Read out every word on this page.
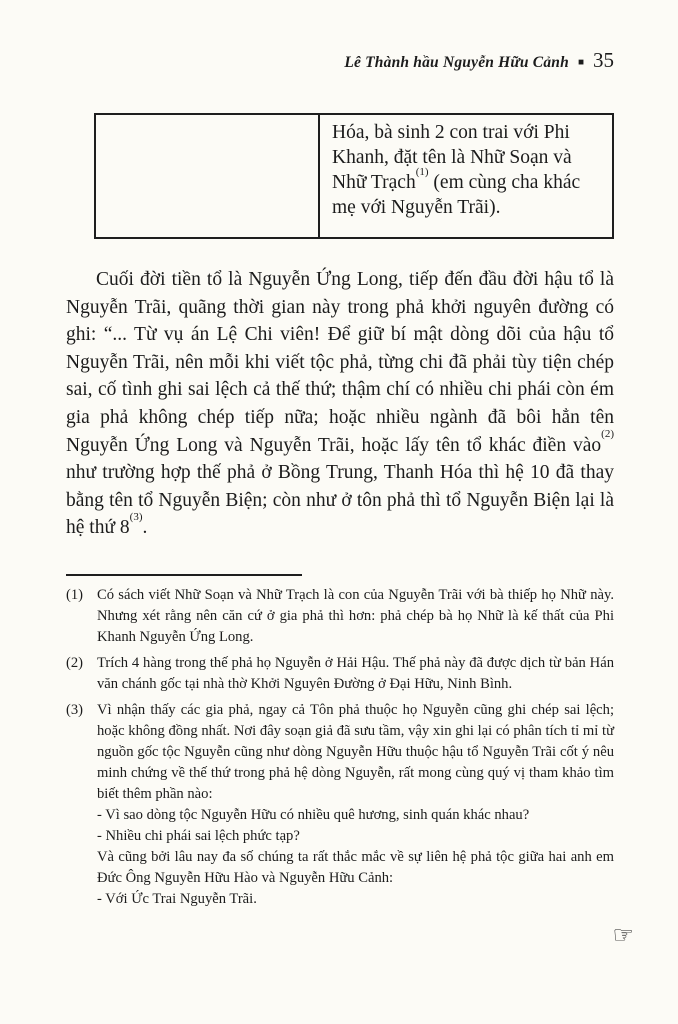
Lê Thành hầu Nguyễn Hữu Cảnh ■ 35
Hóa, bà sinh 2 con trai với Phi Khanh, đặt tên là Nhữ Soạn và Nhữ Trạch$^{(1)}$ (em cùng cha khác mẹ với Nguyễn Trãi).

Cuối đời tiền tổ là Nguyễn Ứng Long, tiếp đến đầu đời hậu tổ là Nguyễn Trãi, quãng thời gian này trong phả khởi nguyên đường có ghi: “... Từ vụ án Lệ Chi viên! Để giữ bí mật dòng dõi của hậu tổ Nguyễn Trãi, nên mỗi khi viết tộc phả, từng chi đã phải tùy tiện chép sai, cố tình ghi sai lệch cả thế thứ; thậm chí có nhiều chi phái còn ém gia phả không chép tiếp nữa; hoặc nhiều ngành đã bôi hẳn tên Nguyễn Ứng Long và Nguyễn Trãi, hoặc lấy tên tổ khác điền vào$^{(2)}$ như trường hợp thế phả ở Bồng Trung, Thanh Hóa thì hệ 10 đã thay bằng tên tổ Nguyễn Biện; còn như ở tôn phả thì tổ Nguyễn Biện lại là hệ thứ 8$^{(3)}$.

(1) Có sách viết Nhữ Soạn và Nhữ Trạch là con của Nguyễn Trãi với bà thiếp họ Nhữ này. Nhưng xét rằng nên căn cứ ở gia phả thì hơn: phả chép bà họ Nhữ là kế thất của Phi Khanh Nguyễn Ứng Long.

(2) Trích 4 hàng trong thế phả họ Nguyễn ở Hải Hậu. Thế phả này đã được dịch từ bản Hán văn chánh gốc tại nhà thờ Khởi Nguyên Đường ở Đại Hữu, Ninh Bình.

(3) Vì nhận thấy các gia phả, ngay cả Tôn phả thuộc họ Nguyễn cũng ghi chép sai lệch; hoặc không đồng nhất. Nơi đây soạn giả đã sưu tầm, vậy xin ghi lại có phân tích tỉ mỉ từ nguồn gốc tộc Nguyễn cũng như dòng Nguyễn Hữu thuộc hậu tổ Nguyễn Trãi cốt ý nêu minh chứng về thế thứ trong phả hệ dòng Nguyễn, rất mong cùng quý vị tham khảo tìm biết thêm phần nào:

- Vì sao dòng tộc Nguyễn Hữu có nhiều quê hương, sinh quán khác nhau?

- Nhiều chi phái sai lệch phức tạp?

Và cũng bởi lâu nay đa số chúng ta rất thắc mắc về sự liên hệ phả tộc giữa hai anh em Đức Ông Nguyễn Hữu Hào và Nguyễn Hữu Cảnh:

- Với Ức Trai Nguyễn Trãi.

☞
